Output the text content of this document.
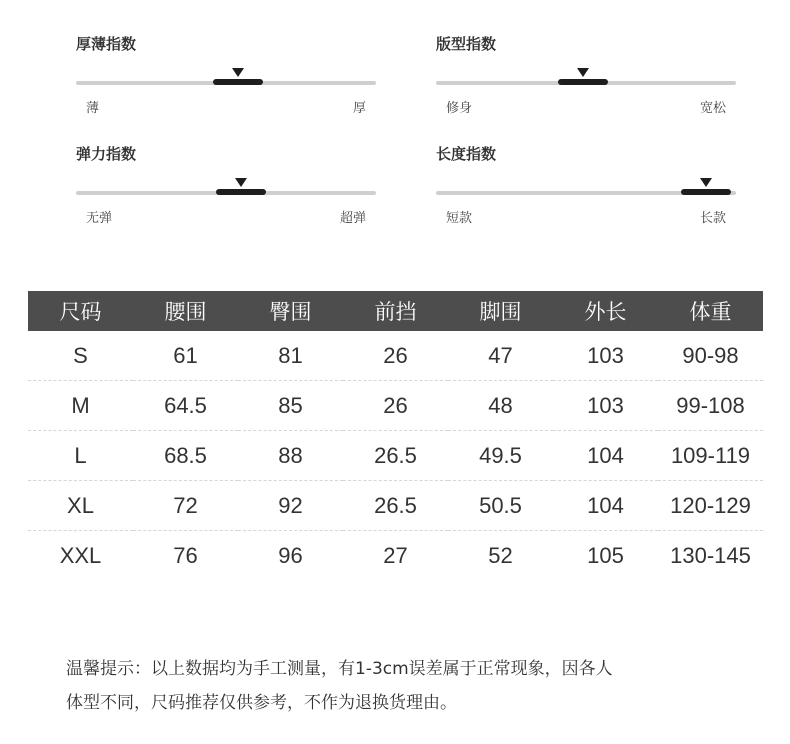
厚薄指数
薄	厚
版型指数
修身	宽松
弹力指数
无弹	超弹
长度指数
短款	长款
尺码	腰围	臀围	前挡	脚围	外长	体重
S	61	81	26	47	103	90-98
M	64.5	85	26	48	103	99-108
L	68.5	88	26.5	49.5	104	109-119
XL	72	92	26.5	50.5	104	120-129
XXL	76	96	27	52	105	130-145
温馨提示：以上数据均为手工测量，有1-3cm误差属于正常现象，因各人
体型不同，尺码推荐仅供参考，不作为退换货理由。
